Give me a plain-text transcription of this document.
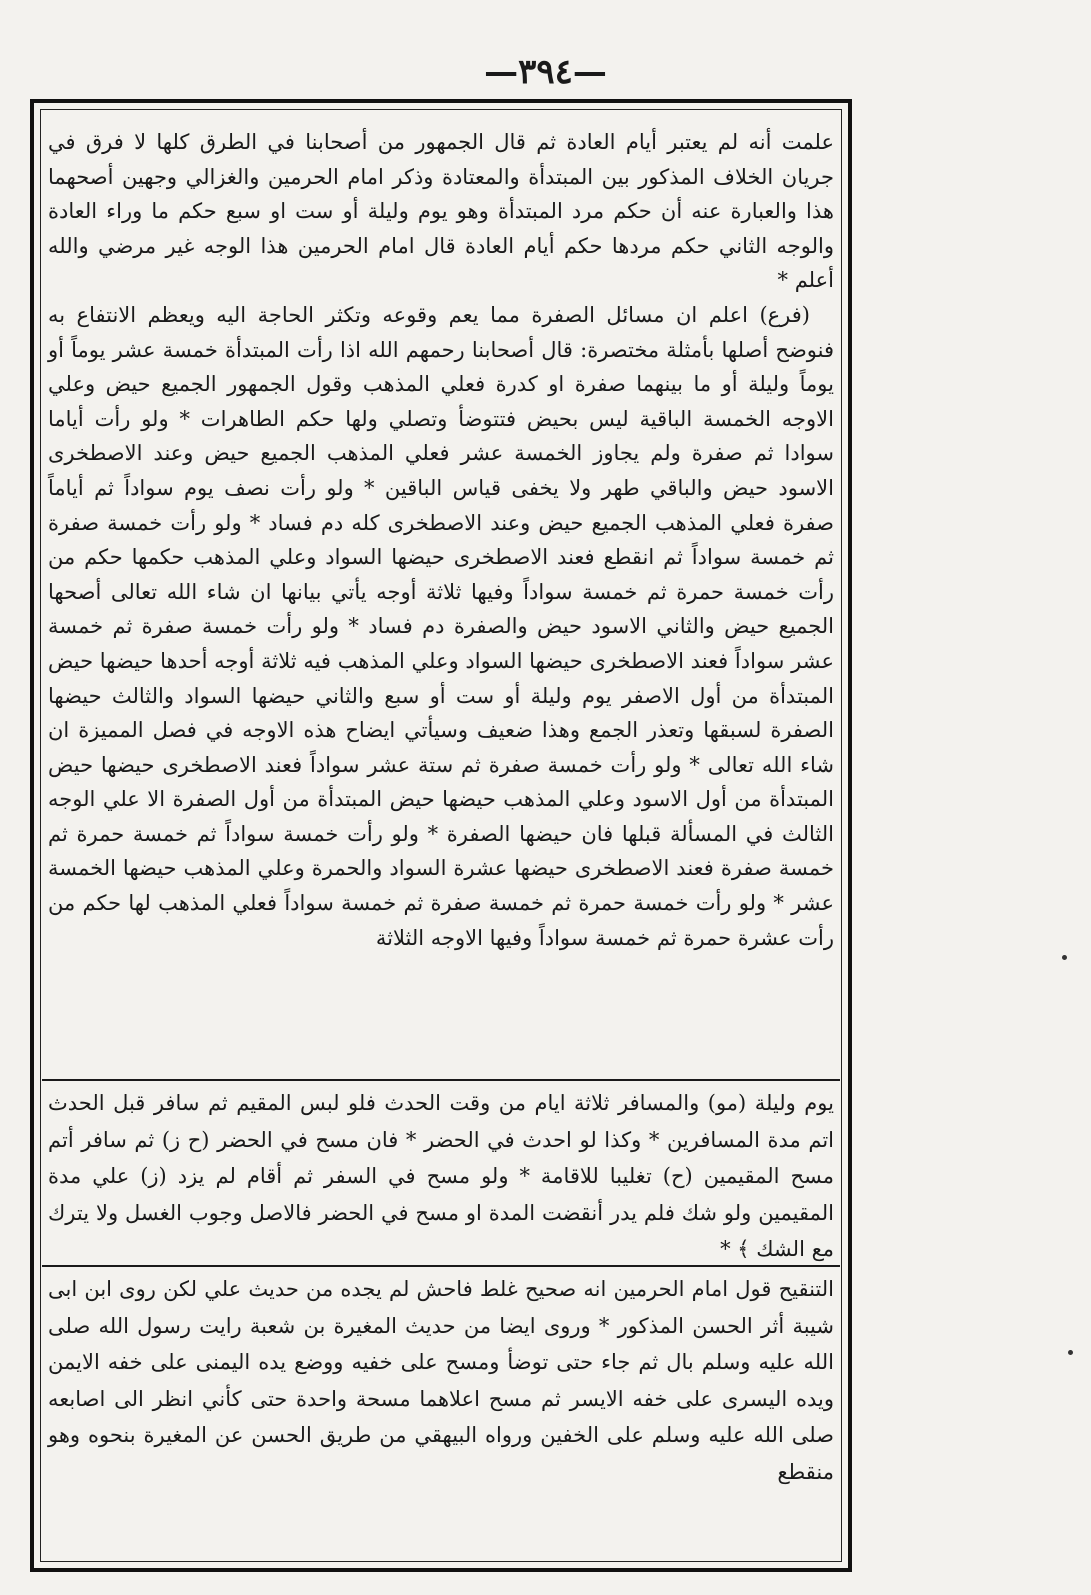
—٣٩٤—

علمت أنه لم يعتبر أيام العادة ثم قال الجمهور من أصحابنا في الطرق كلها لا فرق في جريان الخلاف المذكور بين المبتدأة والمعتادة وذكر امام الحرمين والغزالي وجهين أصحهما هذا والعبارة عنه أن حكم مرد المبتدأة وهو يوم وليلة أو ست او سبع حكم ما وراء العادة والوجه الثاني حكم مردها حكم أيام العادة قال امام الحرمين هذا الوجه غير مرضي والله أعلم *

(فرع) اعلم ان مسائل الصفرة مما يعم وقوعه وتكثر الحاجة اليه ويعظم الانتفاع به فنوضح أصلها بأمثلة مختصرة: قال أصحابنا رحمهم الله اذا رأت المبتدأة خمسة عشر يوماً أو يوماً وليلة أو ما بينهما صفرة او كدرة فعلي المذهب وقول الجمهور الجميع حيض وعلي الاوجه الخمسة الباقية ليس بحيض فتتوضأ وتصلي ولها حكم الطاهرات * ولو رأت أياما سوادا ثم صفرة ولم يجاوز الخمسة عشر فعلي المذهب الجميع حيض وعند الاصطخرى الاسود حيض والباقي طهر ولا يخفى قياس الباقين * ولو رأت نصف يوم سواداً ثم أياماً صفرة فعلي المذهب الجميع حيض وعند الاصطخرى كله دم فساد * ولو رأت خمسة صفرة ثم خمسة سواداً ثم انقطع فعند الاصطخرى حيضها السواد وعلي المذهب حكمها حكم من رأت خمسة حمرة ثم خمسة سواداً وفيها ثلاثة أوجه يأتي بيانها ان شاء الله تعالى أصحها الجميع حيض والثاني الاسود حيض والصفرة دم فساد * ولو رأت خمسة صفرة ثم خمسة عشر سواداً فعند الاصطخرى حيضها السواد وعلي المذهب فيه ثلاثة أوجه أحدها حيضها حيض المبتدأة من أول الاصفر يوم وليلة أو ست أو سبع والثاني حيضها السواد والثالث حيضها الصفرة لسبقها وتعذر الجمع وهذا ضعيف وسيأتي ايضاح هذه الاوجه في فصل المميزة ان شاء الله تعالى * ولو رأت خمسة صفرة ثم ستة عشر سواداً فعند الاصطخرى حيضها حيض المبتدأة من أول الاسود وعلي المذهب حيضها حيض المبتدأة من أول الصفرة الا علي الوجه الثالث في المسألة قبلها فان حيضها الصفرة * ولو رأت خمسة سواداً ثم خمسة حمرة ثم خمسة صفرة فعند الاصطخرى حيضها عشرة السواد والحمرة وعلي المذهب حيضها الخمسة عشر * ولو رأت خمسة حمرة ثم خمسة صفرة ثم خمسة سواداً فعلي المذهب لها حكم من رأت عشرة حمرة ثم خمسة سواداً وفيها الاوجه الثلاثة

يوم وليلة (مو) والمسافر ثلاثة ايام من وقت الحدث فلو لبس المقيم ثم سافر قبل الحدث اتم مدة المسافرين * وكذا لو احدث في الحضر * فان مسح في الحضر (ح ز) ثم سافر أتم مسح المقيمين (ح) تغليبا للاقامة * ولو مسح في السفر ثم أقام لم يزد (ز) علي مدة المقيمين ولو شك فلم يدر أنقضت المدة او مسح في الحضر فالاصل وجوب الغسل ولا يترك مع الشك ﴾ *

التنقيح قول امام الحرمين انه صحيح غلط فاحش لم يجده من حديث علي لكن روى ابن ابى شيبة أثر الحسن المذكور * وروى ايضا من حديث المغيرة بن شعبة رايت رسول الله صلى الله عليه وسلم بال ثم جاء حتى توضأ ومسح على خفيه ووضع يده اليمنى على خفه الايمن ويده اليسرى على خفه الايسر ثم مسح اعلاهما مسحة واحدة حتى كأني انظر الى اصابعه صلى الله عليه وسلم على الخفين ورواه البيهقي من طريق الحسن عن المغيرة بنحوه وهو منقطع
